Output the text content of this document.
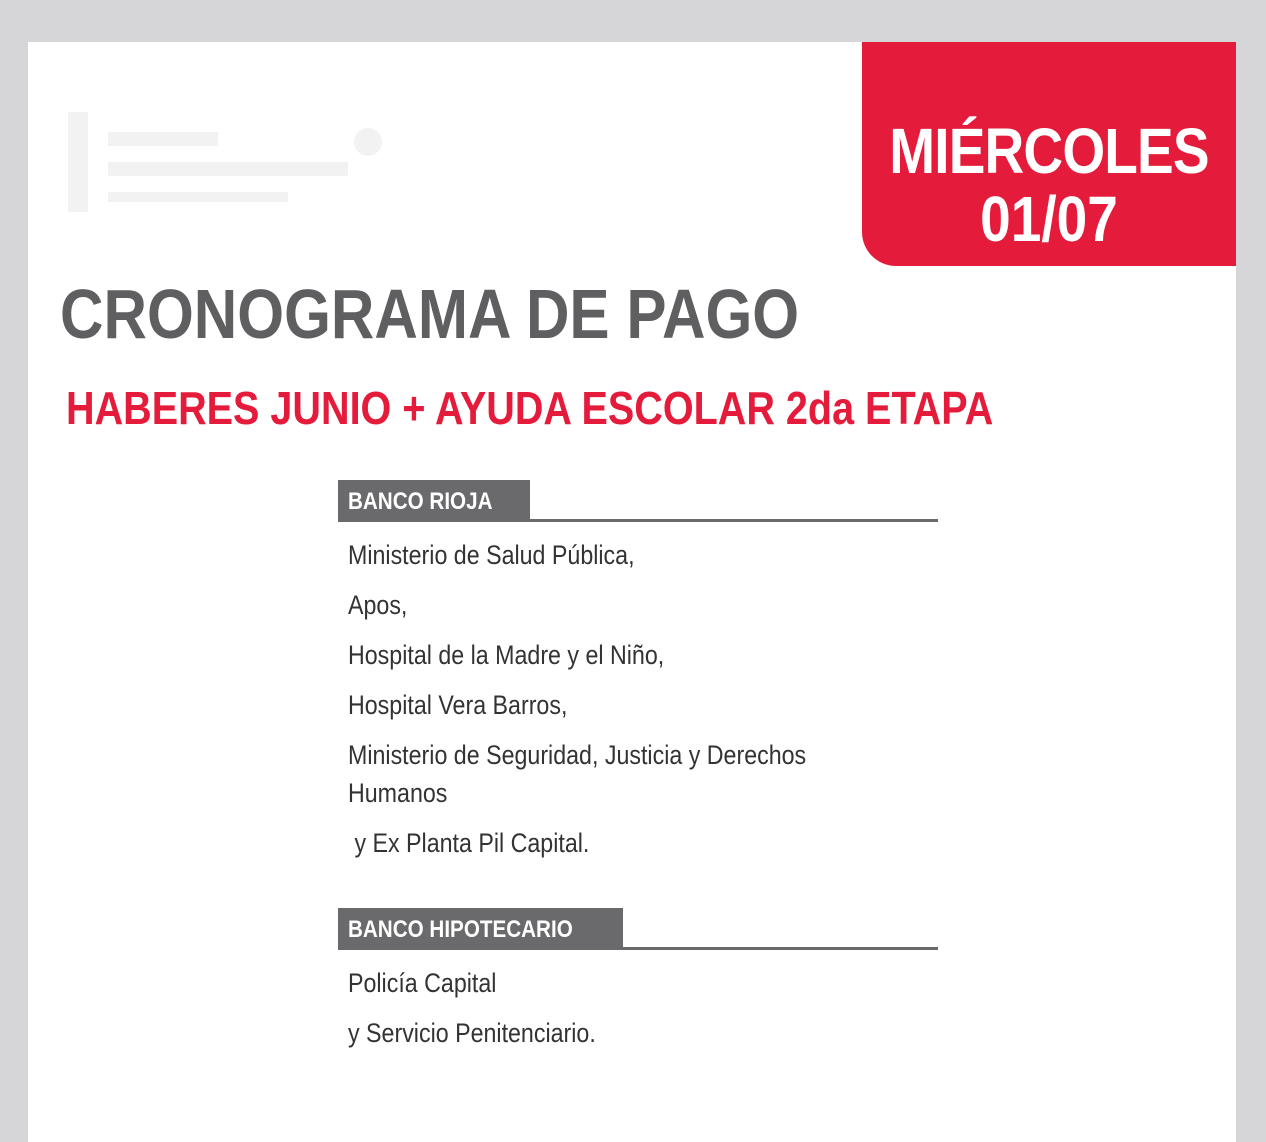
MIÉRCOLES
01/07
CRONOGRAMA DE PAGO
HABERES JUNIO + AYUDA ESCOLAR 2da ETAPA
BANCO RIOJA
Ministerio de Salud Pública,
Apos,
Hospital de la Madre y el Niño,
Hospital Vera Barros,
Ministerio de Seguridad, Justicia y Derechos Humanos
y Ex Planta Pil Capital.
BANCO HIPOTECARIO
Policía Capital
y Servicio Penitenciario.
